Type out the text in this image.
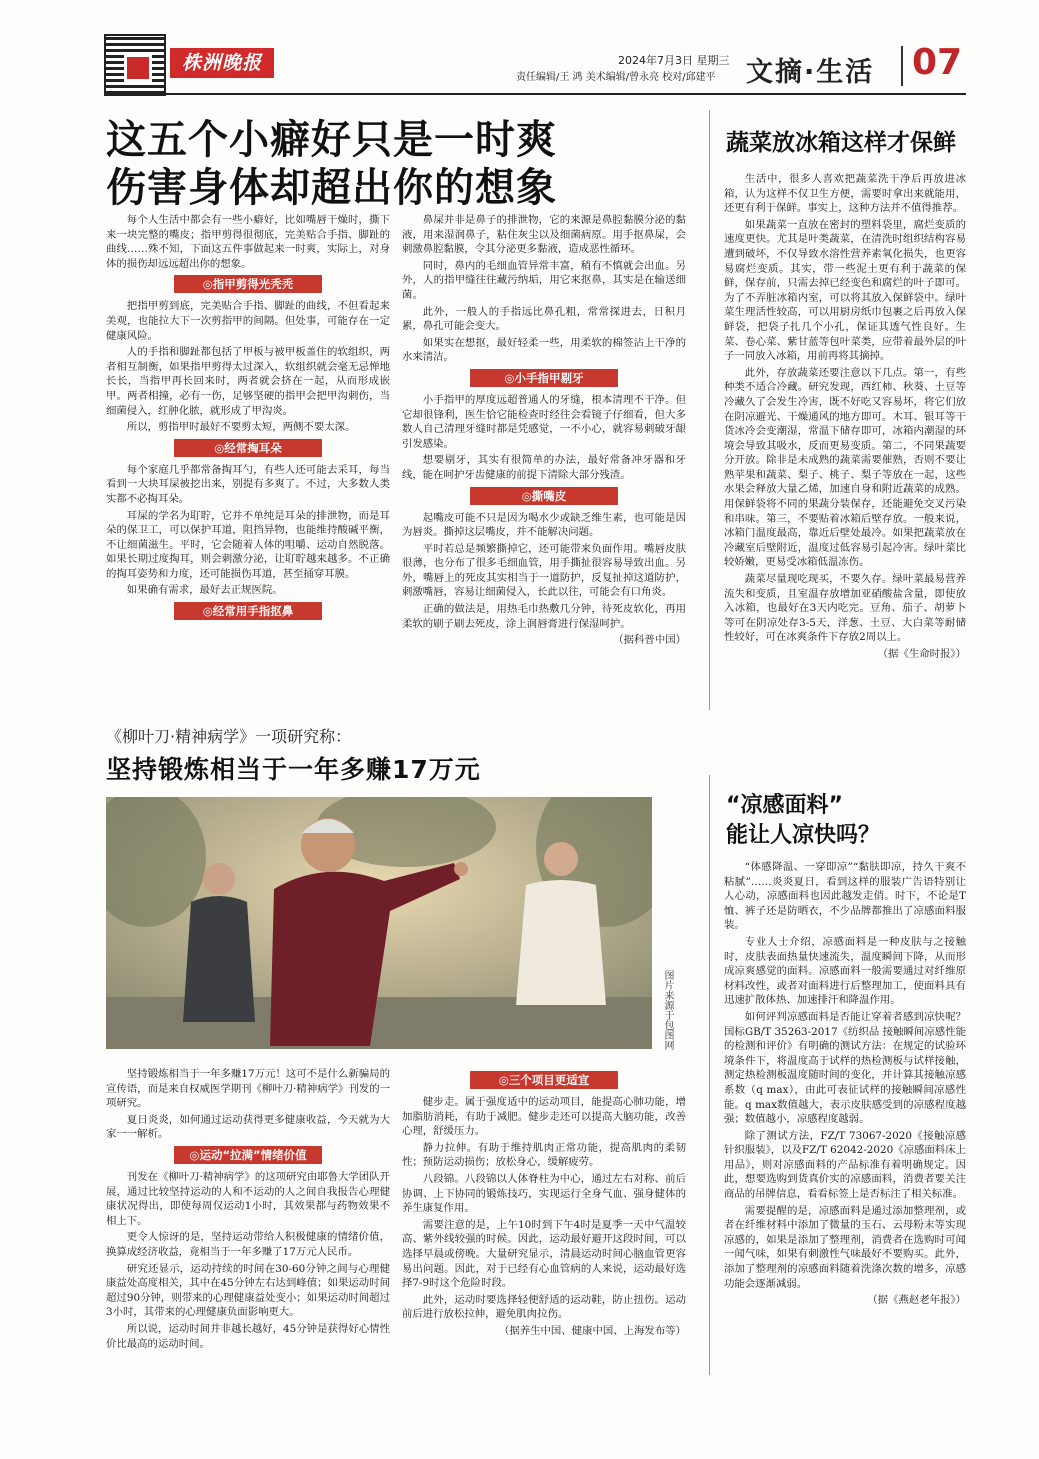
株洲晚报	2024年7月3日 星期三
责任编辑/王 鸿 美术编辑/曾永亮 校对/邱建平 文摘·生活 07
这五个小癖好只是一时爽
伤害身体却超出你的想象

每个人生活中都会有一些小癖好，比如嘴唇干燥时，撕下来一块完整的嘴皮；指甲剪得很彻底，完美贴合手指、脚趾的曲线……殊不知，下面这五件事做起来一时爽，实际上，对身体的损伤却远远超出你的想象。

◎指甲剪得光秃秃

把指甲剪到底，完美贴合手指、脚趾的曲线，不但看起来美观，也能拉大下一次剪指甲的间隔。但处事，可能存在一定健康风险。

人的手指和脚趾都包括了甲板与被甲板盖住的软组织，两者相互制衡，如果指甲剪得太过深入，软组织就会毫无忌惮地长长，当指甲再长回来时，两者就会挤在一起，从而形成嵌甲。两者相撞，必有一伤，足够坚硬的指甲会把甲沟刺伤，当细菌侵入，红肿化脓，就形成了甲沟炎。

所以，剪指甲时最好不要剪太短，两侧不要太深。

◎经常掏耳朵

每个家庭几乎都常备掏耳勺，有些人还可能去采耳，每当看到一大块耳屎被挖出来，别提有多爽了。不过，大多数人类实都不必掏耳朵。

耳屎的学名为耵聍，它并不单纯是耳朵的排泄物，而是耳朵的保卫工，可以保护耳道，阻挡异物，也能维持酸碱平衡，不让细菌滋生。平时，它会随着人体的咀嚼、运动自然脱落。如果长期过度掏耳，则会刺激分泌，让耵聍越来越多。不正确的掏耳姿势和力度，还可能损伤耳道，甚至捅穿耳膜。

如果确有需求，最好去正规医院。

◎经常用手指抠鼻

鼻屎并非是鼻子的排泄物，它的来源是鼻腔黏膜分泌的黏液，用来湿润鼻子，粘住灰尘以及细菌病原。用手抠鼻屎，会刺激鼻腔黏膜，令其分泌更多黏液，造成恶性循环。

同时，鼻内的毛细血管异常丰富，稍有不慎就会出血。另外，人的指甲缝往往藏污纳垢，用它来抠鼻，其实是在输送细菌。

此外，一般人的手指远比鼻孔粗，常常探进去，日积月累，鼻孔可能会变大。

如果实在想抠，最好轻柔一些，用柔软的棉签沾上干净的水来清洁。

◎小手指甲剔牙

小手指甲的厚度远超普通人的牙缝，根本清理不干净。但它却很锋利，医生恰它能检查时经往会看镜子仔细看，但大多数人自己清理牙缝时都是凭感觉，一不小心，就容易刺破牙龈引发感染。

想要剔牙，其实有很简单的办法，最好常备冲牙器和牙线，能在呵护牙齿健康的前提下清除大部分残渣。

◎撕嘴皮

起嘴皮可能不只是因为喝水少或缺乏维生素，也可能是因为唇炎。撕掉这层嘴皮，并不能解决问题。

平时若总是频繁撕掉它，还可能带来负面作用。嘴唇皮肤很薄，也分布了很多毛细血管，用手撕扯很容易导致出血。另外，嘴唇上的死皮其实相当于一道防护，反复扯掉这道防护，刺激嘴唇，容易让细菌侵入，长此以往，可能会有口角炎。

正确的做法是，用热毛巾热敷几分钟，待死皮软化，再用柔软的刷子刷去死皮，涂上润唇膏进行保湿呵护。

（据科普中国）

蔬菜放冰箱这样才保鲜

生活中，很多人喜欢把蔬菜洗干净后再放进冰箱，认为这样不仅卫生方便，需要时拿出来就能用，还更有利于保鲜。事实上，这种方法并不值得推荐。

如果蔬菜一直放在密封的塑料袋里，腐烂变质的速度更快。尤其是叶类蔬菜，在清洗时组织结构容易遭到破坏，不仅导致水溶性营养素氧化损失，也更容易腐烂变质。其实，带一些泥土更有利于蔬菜的保鲜，保存前，只需去掉已经变色和腐烂的叶子即可。为了不弄脏冰箱内室，可以将其放入保鲜袋中。绿叶菜生理活性较高，可以用厨房纸巾包裹之后再放入保鲜袋，把袋子扎几个小孔，保证其透气性良好。生菜、卷心菜、紫甘蓝等包叶菜类，应带着最外层的叶子一同放入冰箱，用前再将其摘掉。

此外，存放蔬菜还要注意以下几点。第一，有些种类不适合冷藏。研究发现，西红柿、秋葵、土豆等冷藏久了会发生冷害，既不好吃又容易坏，将它们放在阴凉避光、干燥通风的地方即可。木耳、银耳等干货冰冷会变潮湿，常温下储存即可，冰箱内潮湿的环境会导致其吸水，反而更易变质。第二，不同果蔬要分开放。除非是未成熟的蔬菜需要催熟，否则不要让熟苹果和蔬菜、梨子、桃子、梨子等放在一起，这些水果会释放大量乙烯，加速自身和附近蔬菜的成熟。用保鲜袋将不同的果蔬分装保存，还能避免交叉污染和串味。第三，不要贴着冰箱后壁存放。一般来说，冰箱门温度最高，靠近后壁处最冷。如果把蔬菜放在冷藏室后壁附近，温度过低容易引起冷害。绿叶菜比较娇嫩，更易受冰箱低温冻伤。

蔬菜尽量现吃现买，不要久存。绿叶菜最易营养流失和变质，且室温存放增加亚硝酸盐含量，即使放入冰箱，也最好在3天内吃完。豆角、茄子、胡萝卜等可在阴凉处存3-5天，洋葱、土豆、大白菜等耐储性较好，可在冰爽条件下存放2周以上。

（据《生命时报》）

《柳叶刀·精神病学》一项研究称：
坚持锻炼相当于一年多赚17万元
图片来源于包图网

坚持锻炼相当于一年多赚17万元！这可不是什么新骗局的宣传语，而是来自权威医学期刊《柳叶刀·精神病学》刊发的一项研究。

夏日炎炎，如何通过运动获得更多健康收益，今天就为大家一一解析。

◎运动“拉满”情绪价值

刊发在《柳叶刀·精神病学》的这项研究由耶鲁大学团队开展，通过比较坚持运动的人和不运动的人之间自我报告心理健康状况得出，即使每周仅运动1小时，其效果都与药物效果不相上下。

更令人惊讶的是，坚持运动带给人积极健康的情绪价值，换算成经济收益，竟相当于一年多赚了17万元人民币。

研究还显示，运动持续的时间在30-60分钟之间与心理健康益处高度相关，其中在45分钟左右达到峰值；如果运动时间超过90分钟，则带来的心理健康益处变小；如果运动时间超过3小时，其带来的心理健康负面影响更大。

所以说，运动时间并非越长越好，45分钟是获得好心情性价比最高的运动时间。

◎三个项目更适宜

健步走。属于强度适中的运动项目，能提高心肺功能，增加脂肪消耗，有助于减肥。健步走还可以提高大脑功能，改善心理，舒缓压力。

静力拉伸。有助于维持肌肉正常功能，提高肌肉的柔韧性；预防运动损伤；放松身心，缓解疲劳。

八段锦。八段锦以人体脊柱为中心，通过左右对称、前后协调、上下协同的锻炼技巧，实现运行全身气血、强身健体的养生康复作用。

需要注意的是，上午10时到下午4时是夏季一天中气温较高、紫外线较强的时候。因此，运动最好避开这段时间，可以选择早晨或傍晚。大量研究显示，清晨运动时间心脑血管更容易出问题。因此，对于已经有心血管病的人来说，运动最好选择7-9时这个危险时段。

此外，运动时要选择轻便舒适的运动鞋，防止扭伤。运动前后进行放松拉伸，避免肌肉拉伤。

（据养生中国、健康中国、上海发布等）

“凉感面料”
能让人凉快吗？

“体感降温、一穿即凉”“黏肤即凉，持久干爽不粘腻”……炎炎夏日，看到这样的服装广告语特别让人心动，凉感面料也因此越发走俏。时下，不论是T恤、裤子还是防晒衣，不少品牌都推出了凉感面料服装。

专业人士介绍，凉感面料是一种皮肤与之接触时，皮肤表面热量快速流失，温度瞬间下降，从而形成凉爽感觉的面料。凉感面料一般需要通过对纤维原材料改性，或者对面料进行后整理加工，使面料具有迅速扩散体热、加速排汗和降温作用。

如何评判凉感面料是否能让穿着者感到凉快呢？国标GB/T 35263-2017《纺织品 接触瞬间凉感性能的检测和评价》有明确的测试方法：在规定的试验环境条件下，将温度高于试样的热检测板与试样接触，测定热检测板温度随时间的变化，并计算其接触凉感系数（q max），由此可表征试样的接触瞬间凉感性能。q max数值越大，表示皮肤感受到的凉感程度越强；数值越小，凉感程度越弱。

除了测试方法，FZ/T 73067-2020《接触凉感针织服装》，以及FZ/T 62042-2020《凉感面料床上用品》，则对凉感面料的产品标准有着明确规定。因此，想要选购到货真价实的凉感面料，消费者要关注商品的吊牌信息，看看标签上是否标注了相关标准。

需要提醒的是，凉感面料是通过添加整理剂，或者在纤维材料中添加了微量的玉石、云母粉末等实现凉感的，如果是添加了整理剂，消费者在选购时可闻一闻气味，如果有刺激性气味最好不要购买。此外，添加了整理剂的凉感面料随着洗涤次数的增多，凉感功能会逐渐减弱。

（据《燕赵老年报》）
